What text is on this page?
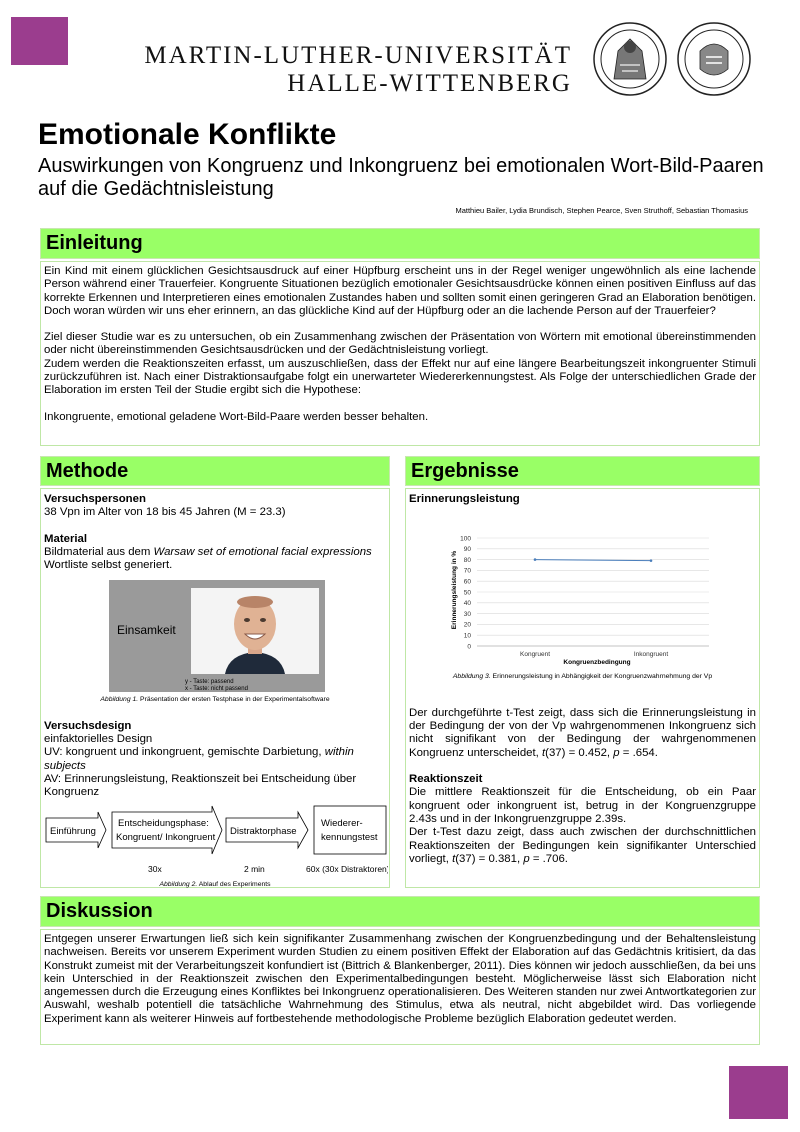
MARTIN-LUTHER-UNIVERSITÄT
HALLE-WITTENBERG
Emotionale Konflikte
Auswirkungen von Kongruenz und Inkongruenz bei emotionalen Wort-Bild-Paaren auf die Gedächtnisleistung
Matthieu Bailer, Lydia Brundisch, Stephen Pearce, Sven Struthoff, Sebastian Thomasius
Einleitung

Ein Kind mit einem glücklichen Gesichtsausdruck auf einer Hüpfburg erscheint uns in der Regel weniger ungewöhnlich als eine lachende Person während einer Trauerfeier. Kongruente Situationen bezüglich emotionaler Gesichtsausdrücke können einen positiven Einfluss auf das korrekte Erkennen und Interpretieren eines emotionalen Zustandes haben und sollten somit einen geringeren Grad an Elaboration benötigen. Doch woran würden wir uns eher erinnern, an das glückliche Kind auf der Hüpfburg oder an die lachende Person auf der Trauerfeier?

Ziel dieser Studie war es zu untersuchen, ob ein Zusammenhang zwischen der Präsentation von Wörtern mit emotional übereinstimmenden oder nicht übereinstimmenden Gesichtsausdrücken und der Gedächtnisleistung vorliegt.

Zudem werden die Reaktionszeiten erfasst, um auszuschließen, dass der Effekt nur auf eine längere Bearbeitungszeit inkongruenter Stimuli zurückzuführen ist. Nach einer Distraktionsaufgabe folgt ein unerwarteter Wiedererkennungstest. Als Folge der unterschiedlichen Grade der Elaboration im ersten Teil der Studie ergibt sich die Hypothese:

Inkongruente, emotional geladene Wort-Bild-Paare werden besser behalten.

Methode

Versuchspersonen

38 Vpn im Alter von 18 bis 45 Jahren (M = 23.3)

Material

Bildmaterial aus dem Warsaw set of emotional facial expressions

Wortliste selbst generiert.

Einsamkeit
y - Taste: passend
x - Taste: nicht passend

Abbildung 1. Präsentation der ersten Testphase in der Experimentalsoftware

Versuchsdesign

einfaktorielles Design

UV: kongruent und inkongruent, gemischte Darbietung, within subjects

AV: Erinnerungsleistung, Reaktionszeit bei Entscheidung über Kongruenz

Einführung
Entscheidungsphase:
Kongruent/ Inkongruent
Distraktorphase
Wiederer-
kennungstest
30x	2 min	60x (30x Distraktoren)

Abbildung 2. Ablauf des Experiments

Ergebnisse

Erinnerungsleistung

Erinnerungsleistung in %
Kongruenzbedingung
0
10
20
30
40
50
60
70
80
90
100
Kongruent	Inkongruent

Abbildung 3. Erinnerungsleistung in Abhängigkeit der Kongruenzwahrnehmung der Vp

Der durchgeführte t-Test zeigt, dass sich die Erinnerungsleistung in der Bedingung der von der Vp wahrgenommenen Inkongruenz sich nicht signifikant von der Bedingung der wahrgenommenen Kongruenz unterscheidet, t(37) = 0.452, p = .654.

Reaktionszeit

Die mittlere Reaktionszeit für die Entscheidung, ob ein Paar kongruent oder inkongruent ist, betrug in der Kongruenzgruppe 2.43s und in der Inkongruenzgruppe 2.39s.

Der t-Test dazu zeigt, dass auch zwischen der durchschnittlichen Reaktionszeiten der Bedingungen kein signifikanter Unterschied vorliegt, t(37) = 0.381, p = .706.

Diskussion

Entgegen unserer Erwartungen ließ sich kein signifikanter Zusammenhang zwischen der Kongruenzbedingung und der Behaltensleistung nachweisen. Bereits vor unserem Experiment wurden Studien zu einem positiven Effekt der Elaboration auf das Gedächtnis kritisiert, da das Konstrukt zumeist mit der Verarbeitungszeit konfundiert ist (Bittrich & Blankenberger, 2011). Dies können wir jedoch ausschließen, da bei uns kein Unterschied in der Reaktionszeit zwischen den Experimentalbedingungen besteht. Möglicherweise lässt sich Elaboration nicht angemessen durch die Erzeugung eines Konfliktes bei Inkongruenz operationalisieren. Des Weiteren standen nur zwei Antwortkategorien zur Auswahl, weshalb potentiell die tatsächliche Wahrnehmung des Stimulus, etwa als neutral, nicht abgebildet wird. Das vorliegende Experiment kann als weiterer Hinweis auf fortbestehende methodologische Probleme bezüglich Elaboration gedeutet werden.
